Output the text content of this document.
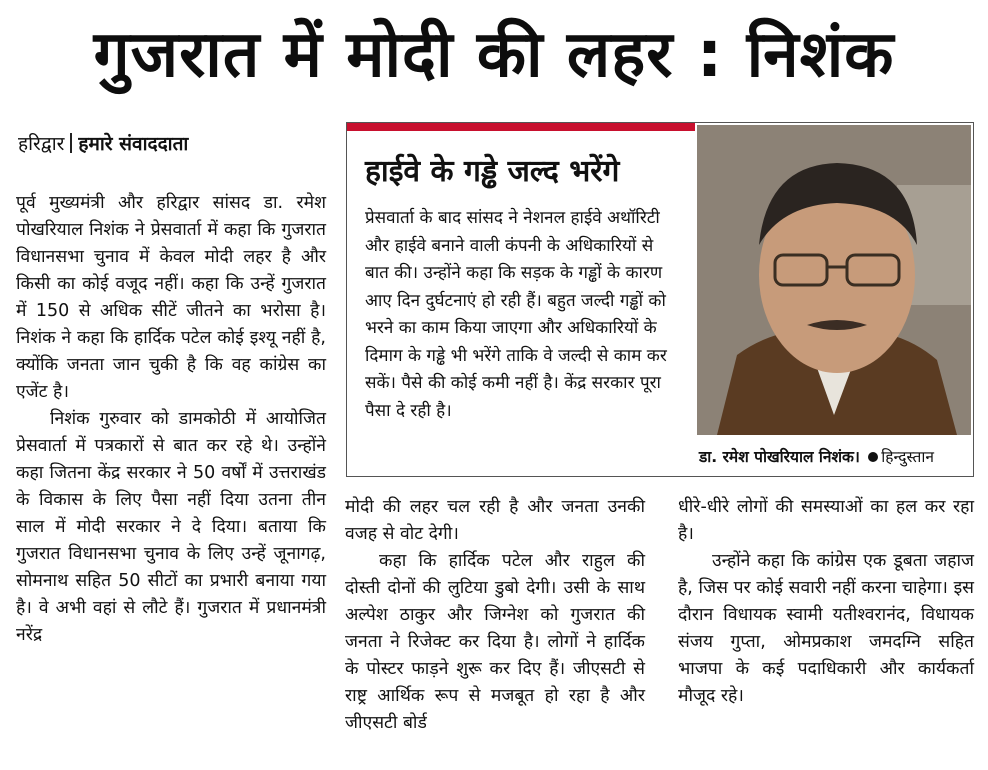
गुजरात में मोदी की लहर : निशंक
हरिद्वार हमारे संवाददाता

पूर्व मुख्यमंत्री और हरिद्वार सांसद डा. रमेश पोखरियाल निशंक ने प्रेसवार्ता में कहा कि गुजरात विधानसभा चुनाव में केवल मोदी लहर है और किसी का कोई वजूद नहीं। कहा कि उन्हें गुजरात में 150 से अधिक सीटें जीतने का भरोसा है। निशंक ने कहा कि हार्दिक पटेल कोई इश्यू नहीं है, क्योंकि जनता जान चुकी है कि वह कांग्रेस का एजेंट है।

निशंक गुरुवार को डामकोठी में आयोजित प्रेसवार्ता में पत्रकारों से बात कर रहे थे। उन्होंने कहा जितना केंद्र सरकार ने 50 वर्षों में उत्तराखंड के विकास के लिए पैसा नहीं दिया उतना तीन साल में मोदी सरकार ने दे दिया। बताया कि गुजरात विधानसभा चुनाव के लिए उन्हें जूनागढ़, सोमनाथ सहित 50 सीटों का प्रभारी बनाया गया है। वे अभी वहां से लौटे हैं। गुजरात में प्रधानमंत्री नरेंद्र

हाईवे के गड्ढे जल्द भरेंगे
प्रेसवार्ता के बाद सांसद ने नेशनल हाईवे अथॉरिटी और हाईवे बनाने वाली कंपनी के अधिकारियों से बात की। उन्होंने कहा कि सड़क के गड्ढों के कारण आए दिन दुर्घटनाएं हो रही हैं। बहुत जल्दी गड्ढों को भरने का काम किया जाएगा और अधिकारियों के दिमाग के गड्ढे भी भरेंगे ताकि वे जल्दी से काम कर सकें। पैसे की कोई कमी नहीं है। केंद्र सरकार पूरा पैसा दे रही है।
डा. रमेश पोखरियाल निशंक। हिन्दुस्तान

मोदी की लहर चल रही है और जनता उनकी वजह से वोट देगी।

कहा कि हार्दिक पटेल और राहुल की दोस्ती दोनों की लुटिया डुबो देगी। उसी के साथ अल्पेश ठाकुर और जिग्नेश को गुजरात की जनता ने रिजेक्ट कर दिया है। लोगों ने हार्दिक के पोस्टर फाड़ने शुरू कर दिए हैं। जीएसटी से राष्ट्र आर्थिक रूप से मजबूत हो रहा है और जीएसटी बोर्ड

धीरे-धीरे लोगों की समस्याओं का हल कर रहा है।

उन्होंने कहा कि कांग्रेस एक डूबता जहाज है, जिस पर कोई सवारी नहीं करना चाहेगा। इस दौरान विधायक स्वामी यतीश्वरानंद, विधायक संजय गुप्ता, ओमप्रकाश जमदग्नि सहित भाजपा के कई पदाधिकारी और कार्यकर्ता मौजूद रहे।
